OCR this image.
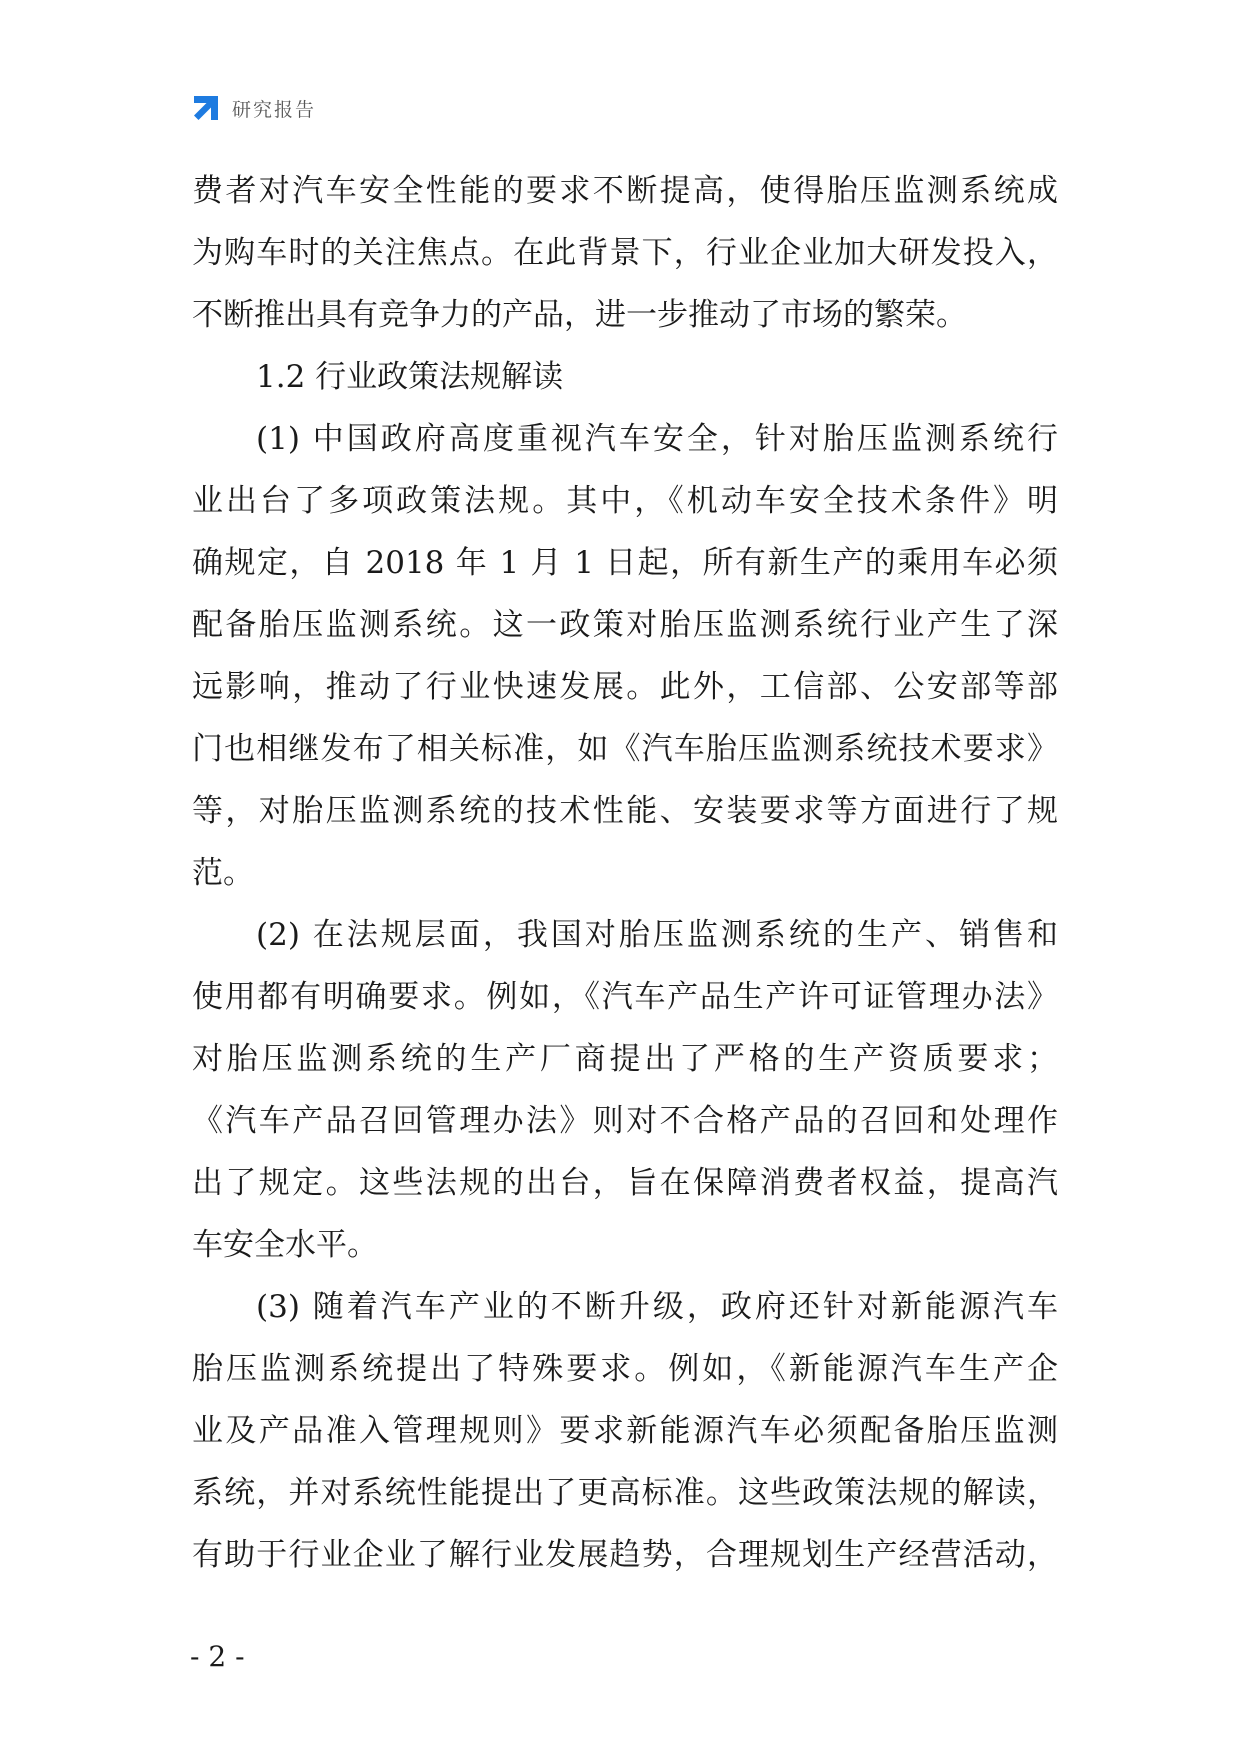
研究报告
费者对汽车安全性能的要求不断提高，使得胎压监测系统成
为购车时的关注焦点。在此背景下，行业企业加大研发投入，
不断推出具有竞争力的产品，进一步推动了市场的繁荣。
1.2 行业政策法规解读
(1) 中国政府高度重视汽车安全，针对胎压监测系统行
业出台了多项政策法规。其中，《机动车安全技术条件》明
确规定，自 2018 年 1 月 1 日起，所有新生产的乘用车必须
配备胎压监测系统。这一政策对胎压监测系统行业产生了深
远影响，推动了行业快速发展。此外，工信部、公安部等部
门也相继发布了相关标准，如《汽车胎压监测系统技术要求》
等，对胎压监测系统的技术性能、安装要求等方面进行了规
范。
(2) 在法规层面，我国对胎压监测系统的生产、销售和
使用都有明确要求。例如，《汽车产品生产许可证管理办法》
对胎压监测系统的生产厂商提出了严格的生产资质要求；
《汽车产品召回管理办法》则对不合格产品的召回和处理作
出了规定。这些法规的出台，旨在保障消费者权益，提高汽
车安全水平。
(3) 随着汽车产业的不断升级，政府还针对新能源汽车
胎压监测系统提出了特殊要求。例如，《新能源汽车生产企
业及产品准入管理规则》要求新能源汽车必须配备胎压监测
系统，并对系统性能提出了更高标准。这些政策法规的解读，
有助于行业企业了解行业发展趋势，合理规划生产经营活动，
- 2 -
